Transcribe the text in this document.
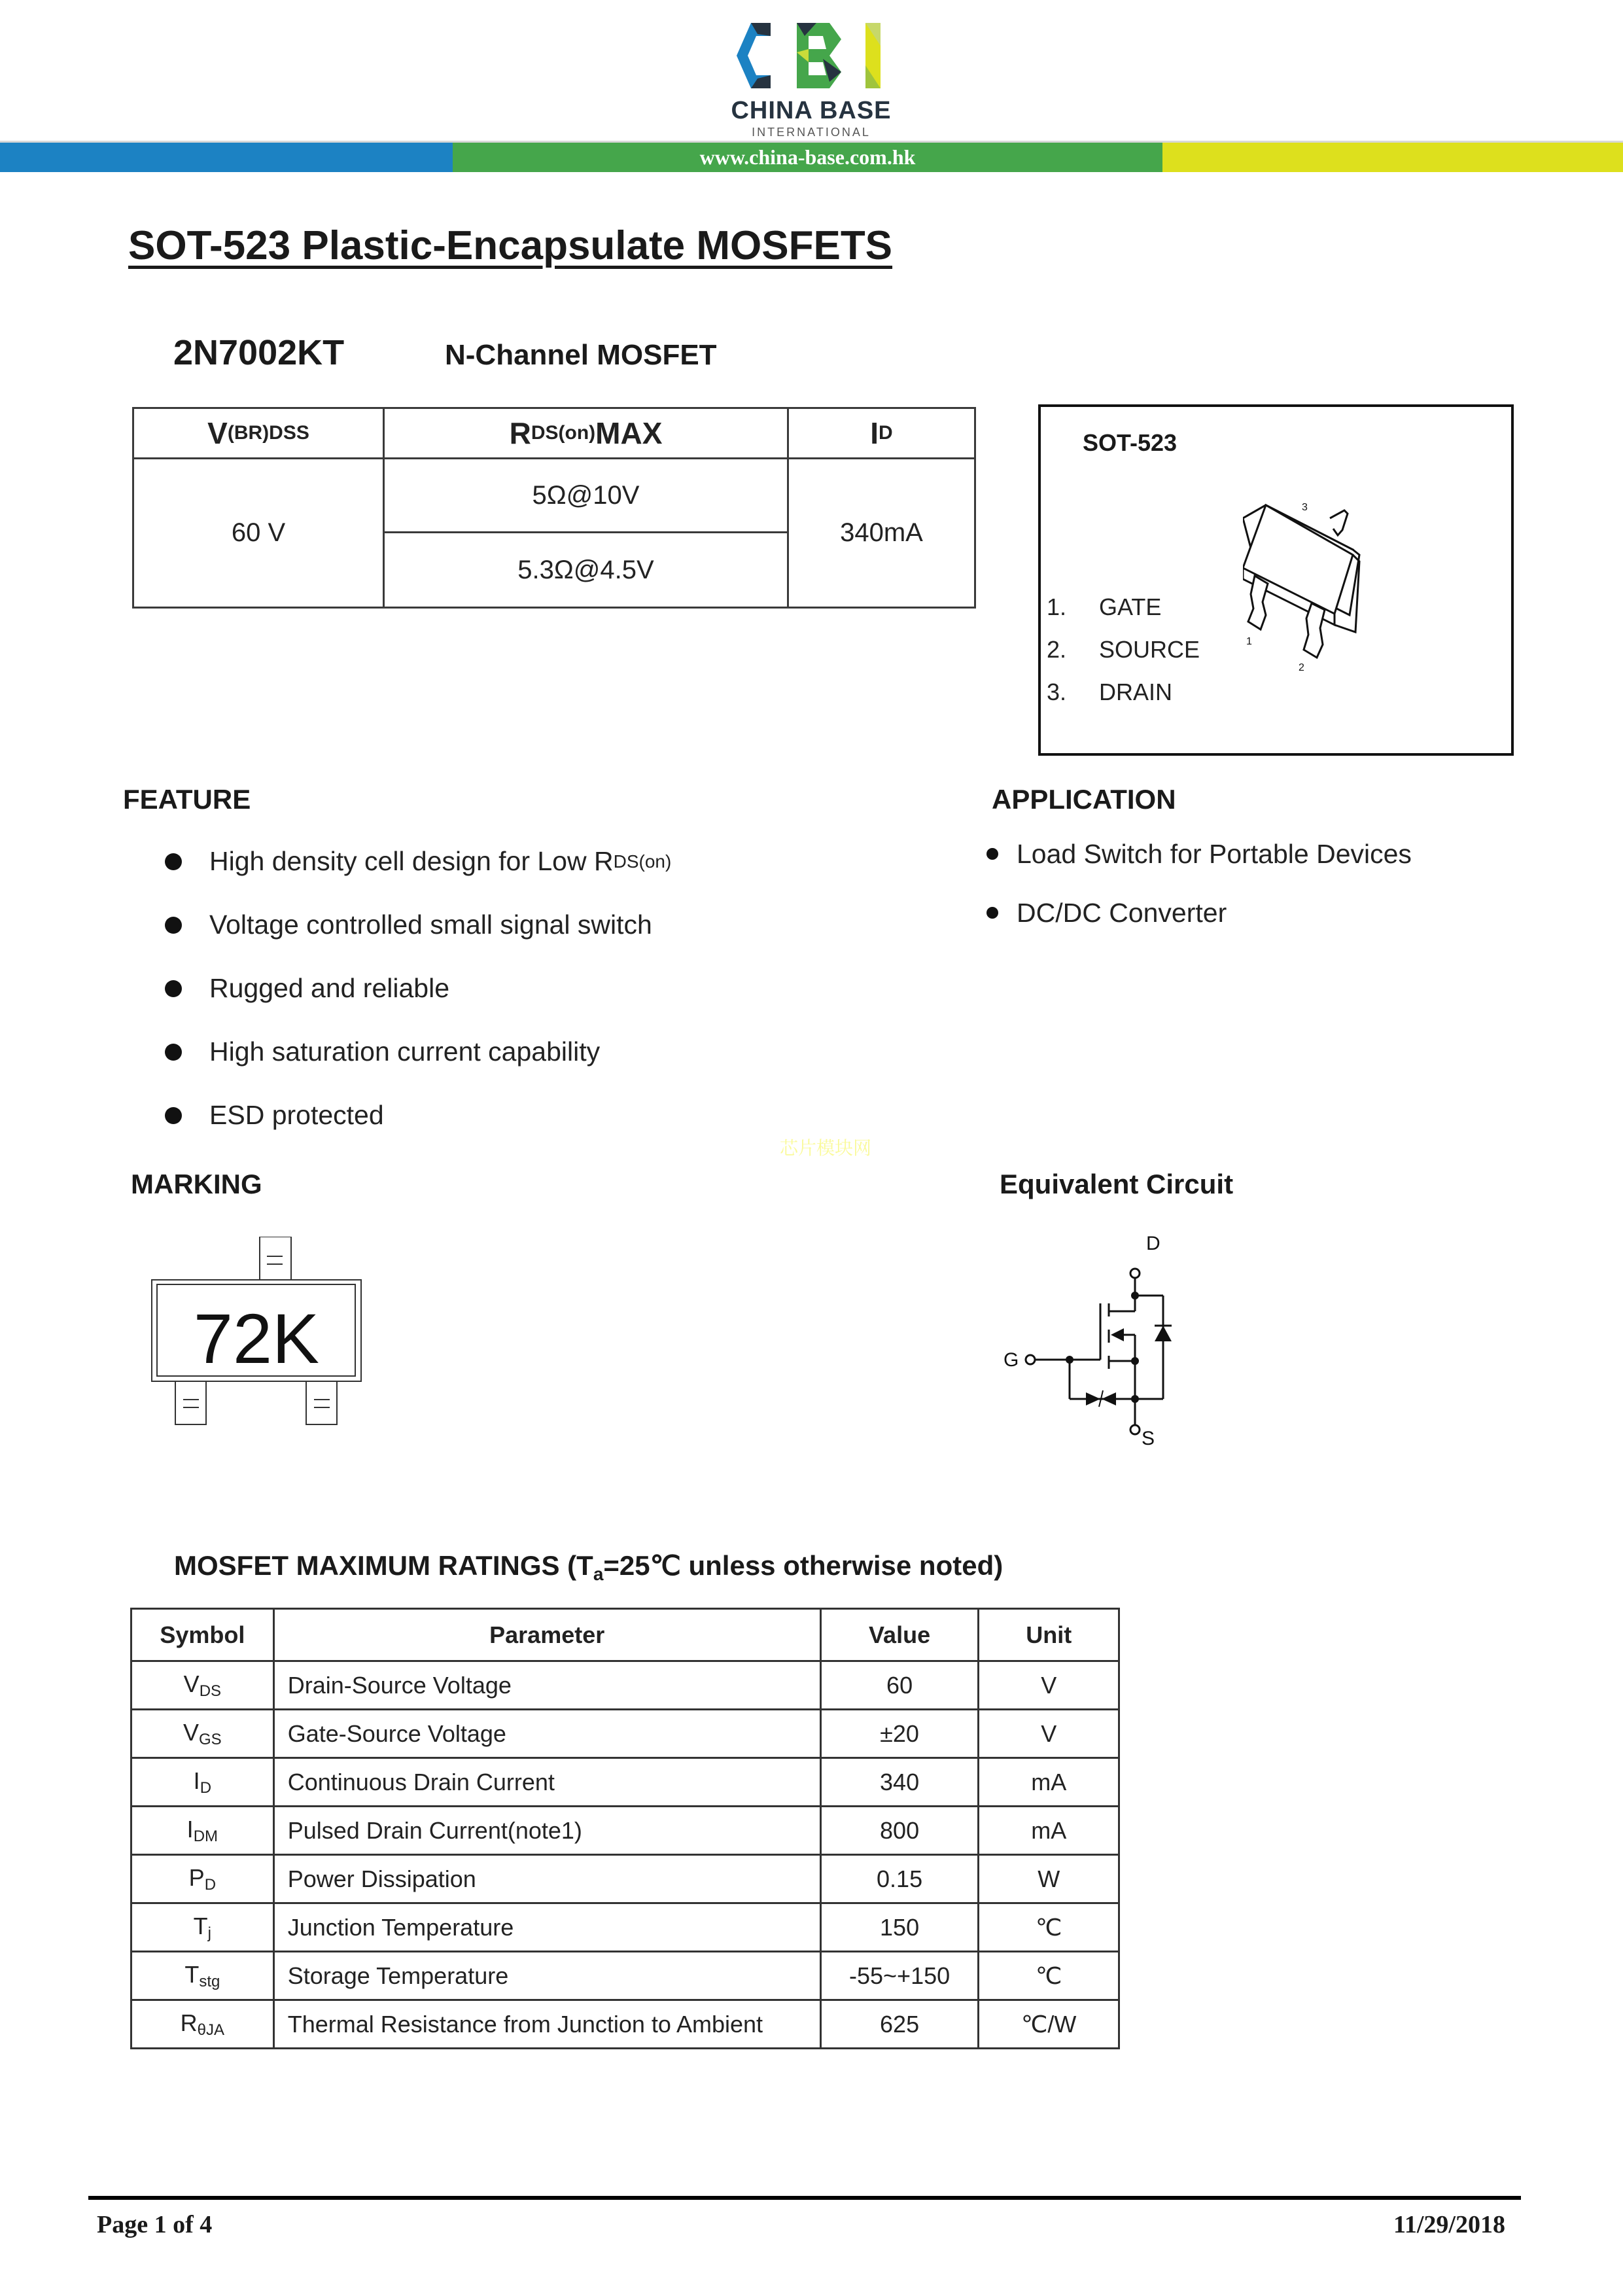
CHINA BASE
INTERNATIONAL
www.china-base.com.hk
SOT-523 Plastic-Encapsulate MOSFETS
2N7002KT	N-Channel MOSFET
V (BR)DSS	R DS(on) MAX	I D
60 V
5Ω@10V
5.3Ω@4.5V
340mA
SOT-523
1.	GATE
2.	SOURCE
3.	DRAIN
3
1
2
FEATURE
High density cell design for Low R DS(on)
Voltage controlled small signal switch
Rugged and reliable
High saturation current capability
ESD protected
APPLICATION
Load Switch for Portable Devices
DC/DC Converter
芯片模块网
MARKING
72K
Equivalent Circuit
D
G
S
MOSFET MAXIMUM RATINGS ($T_a=25℃$ unless otherwise noted)
Symbol	Parameter	Value	Unit
$V_{DS}$	Drain-Source Voltage	60	V
$V_{GS}$	Gate-Source Voltage	±20	V
$I_D$	Continuous Drain Current	340	mA
$I_{DM}$	Pulsed Drain Current(note1)	800	mA
$P_D$	Power Dissipation	0.15	W
$T_j$	Junction Temperature	150	℃
$T_{stg}$	Storage Temperature	-55~+150	℃
$R_{\theta JA}$	Thermal Resistance from Junction to Ambient	625	℃/W
Page 1 of 4	11/29/2018
